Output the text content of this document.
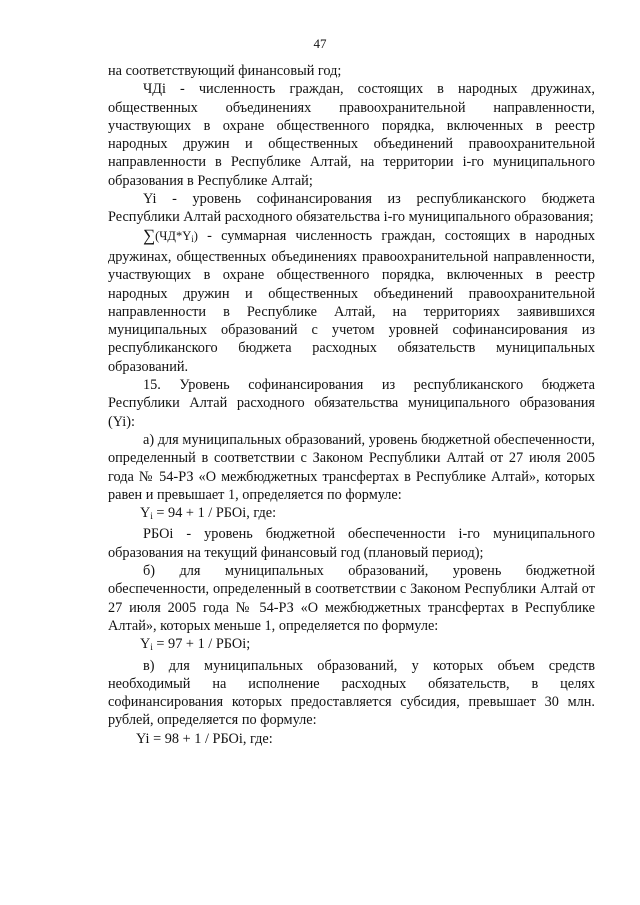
47

на соответствующий финансовый год;

ЧДi - численность граждан, состоящих в народных дружинах, общественных объединениях правоохранительной направленности, участвующих в охране общественного порядка, включенных в реестр народных дружин и общественных объединений правоохранительной направленности в Республике Алтай, на территории i-го муниципального образования в Республике Алтай;

Yi - уровень софинансирования из республиканского бюджета Республики Алтай расходного обязательства i-го муниципального образования;

$\sum(ЧД*Y_i)$ - суммарная численность граждан, состоящих в народных дружинах, общественных объединениях правоохранительной направленности, участвующих в охране общественного порядка, включенных в реестр народных дружин и общественных объединений правоохранительной направленности в Республике Алтай, на территориях заявившихся муниципальных образований с учетом уровней софинансирования из республиканского бюджета расходных обязательств муниципальных образований.

15. Уровень софинансирования из республиканского бюджета Республики Алтай расходного обязательства муниципального образования (Yi):

а) для муниципальных образований, уровень бюджетной обеспеченности, определенный в соответствии с Законом Республики Алтай от 27 июля 2005 года № 54-РЗ «О межбюджетных трансфертах в Республике Алтай», которых равен и превышает 1, определяется по формуле:

$Y_i = 94 + 1$ / РБОi, где:

РБОi - уровень бюджетной обеспеченности i-го муниципального образования на текущий финансовый год (плановый период);

б) для муниципальных образований, уровень бюджетной обеспеченности, определенный в соответствии с Законом Республики Алтай от 27 июля 2005 года № 54-РЗ «О межбюджетных трансфертах в Республике Алтай», которых меньше 1, определяется по формуле:

$Y_i = 97 + 1$ / РБОi;

в) для муниципальных образований, у которых объем средств необходимый на исполнение расходных обязательств, в целях софинансирования которых предоставляется субсидия, превышает 30 млн. рублей, определяется по формуле:

Yi = 98 + 1 / РБОi, где:
